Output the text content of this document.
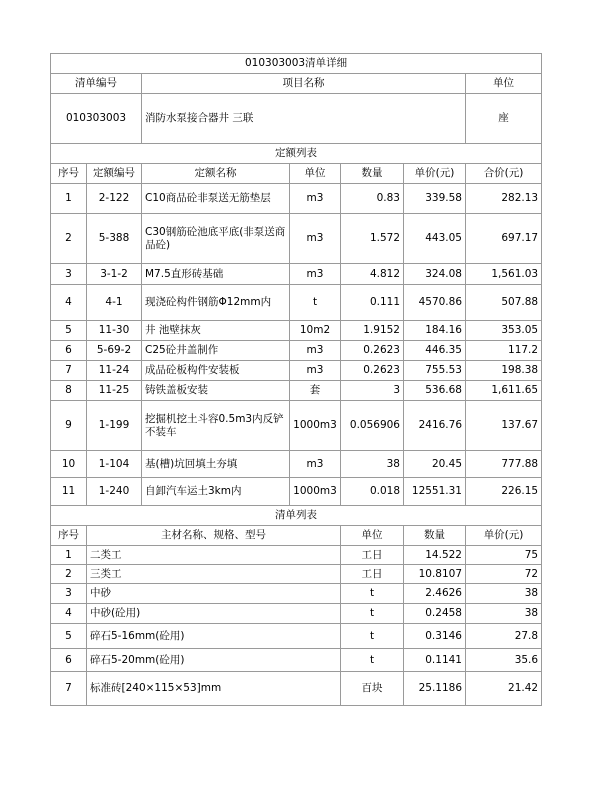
010303003清单详细							
清单编号		项目名称				单位	
010303003		消防水泵接合器井 三联				座	
定额列表							
序号	定额编号	定额名称	单位	数量	单价(元)	合价(元)	
1	2-122	C10商品砼非泵送无筋垫层	m3	0.83	339.58	282.13	
2	5-388	C30钢筋砼池底平底(非泵送商品砼)	m3	1.572	443.05	697.17	
3	3-1-2	M7.5直形砖基础	m3	4.812	324.08	1,561.03	
4	4-1	现浇砼构件钢筋Φ12mm内	t	0.111	4570.86	507.88	
5	11-30	井 池壁抹灰	10m2	1.9152	184.16	353.05	
6	5-69-2	C25砼井盖制作	m3	0.2623	446.35	117.2	
7	11-24	成品砼板构件安装板	m3	0.2623	755.53	198.38	
8	11-25	铸铁盖板安装	套	3	536.68	1,611.65	
9	1-199	挖掘机挖土斗容0.5m3内反铲不装车	1000m3	0.056906	2416.76	137.67	
10	1-104	基(槽)坑回填土夯填	m3	38	20.45	777.88	
11	1-240	自卸汽车运土3km内	1000m3	0.018	12551.31	226.15	
清单列表							
序号	主材名称、规格、型号			单位	数量	单价(元)	
1	二类工			工日	14.522	75	
2	三类工			工日	10.8107	72	
3	中砂			t	2.4626	38	
4	中砂(砼用)			t	0.2458	38	
5	碎石5-16mm(砼用)			t	0.3146	27.8	
6	碎石5-20mm(砼用)			t	0.1141	35.6	
7	标准砖[240×115×53]mm			百块	25.1186	21.42	
